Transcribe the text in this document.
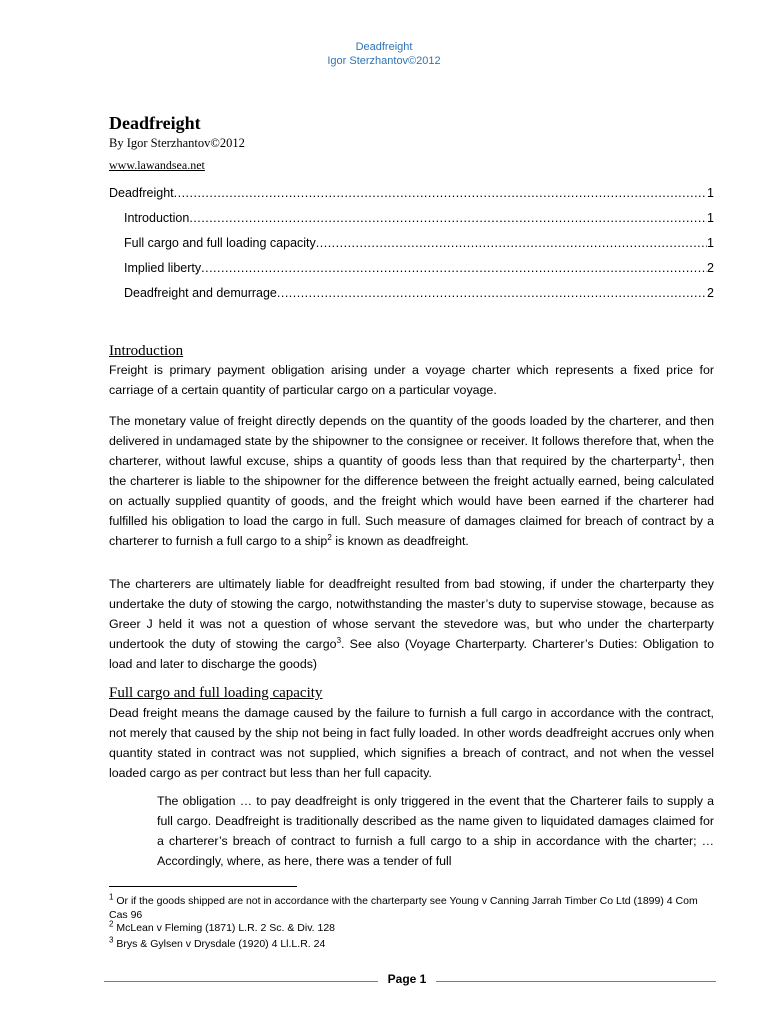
Deadfreight
Igor Sterzhantov©2012
Deadfreight
By Igor Sterzhantov©2012
www.lawandsea.net
Deadfreight .....	1
Introduction .....	1
Full cargo and full loading capacity .....	1
Implied liberty .....	2
Deadfreight and demurrage .....	2
Introduction

Freight is primary payment obligation arising under a voyage charter which represents a fixed price for carriage of a certain quantity of particular cargo on a particular voyage.

The monetary value of freight directly depends on the quantity of the goods loaded by the charterer, and then delivered in undamaged state by the shipowner to the consignee or receiver. It follows therefore that, when the charterer, without lawful excuse, ships a quantity of goods less than that required by the charterparty$^1$, then the charterer is liable to the shipowner for the difference between the freight actually earned, being calculated on actually supplied quantity of goods, and the freight which would have been earned if the charterer had fulfilled his obligation to load the cargo in full. Such measure of damages claimed for breach of contract by a charterer to furnish a full cargo to a ship$^2$ is known as deadfreight.

The charterers are ultimately liable for deadfreight resulted from bad stowing, if under the charterparty they undertake the duty of stowing the cargo, notwithstanding the master’s duty to supervise stowage, because as Greer J held it was not a question of whose servant the stevedore was, but who under the charterparty undertook the duty of stowing the cargo$^3$. See also (Voyage Charterparty. Charterer’s Duties: Obligation to load and later to discharge the goods)

Full cargo and full loading capacity

Dead freight means the damage caused by the failure to furnish a full cargo in accordance with the contract, not merely that caused by the ship not being in fact fully loaded. In other words deadfreight accrues only when quantity stated in contract was not supplied, which signifies a breach of contract, and not when the vessel loaded cargo as per contract but less than her full capacity.

The obligation … to pay deadfreight is only triggered in the event that the Charterer fails to supply a full cargo. Deadfreight is traditionally described as the name given to liquidated damages claimed for a charterer’s breach of contract to furnish a full cargo to a ship in accordance with the charter; … Accordingly, where, as here, there was a tender of full

$^1$ Or if the goods shipped are not in accordance with the charterparty see Young v Canning Jarrah Timber Co Ltd (1899) 4 Com Cas 96

$^2$ McLean v Fleming (1871) L.R. 2 Sc. & Div. 128

$^3$ Brys & Gylsen v Drysdale (1920) 4 Ll.L.R. 24

Page 1
